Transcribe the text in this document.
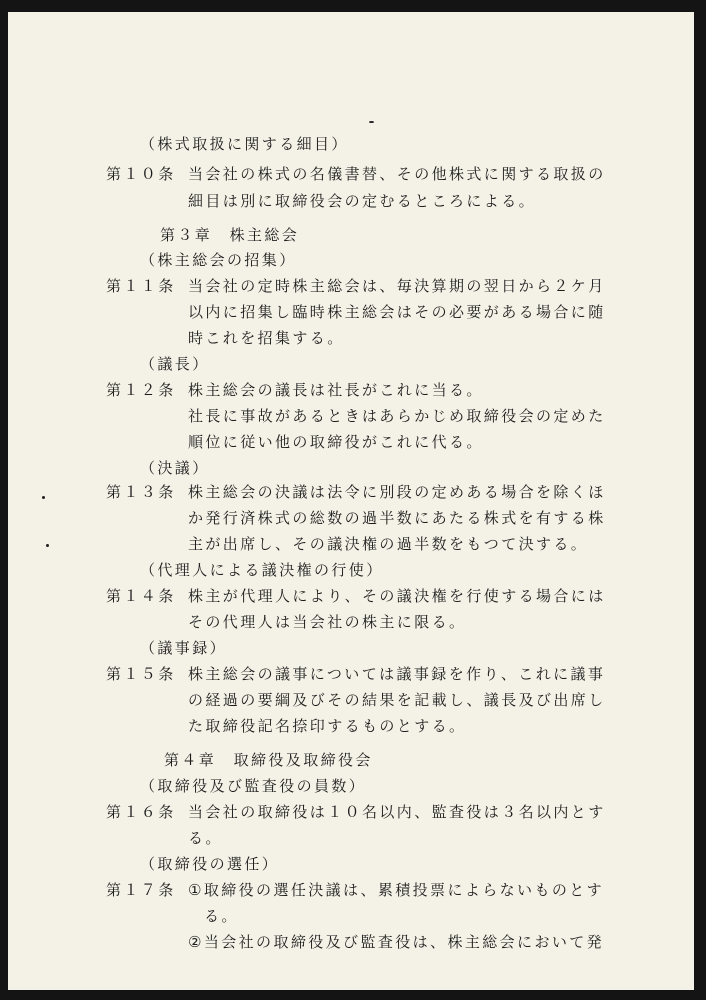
（株式取扱に関する細目）
第１０条 当会社の株式の名儀書替、その他株式に関する取扱の
細目は別に取締役会の定むるところによる。
第３章　株主総会
（株主総会の招集）
第１１条 当会社の定時株主総会は、毎決算期の翌日から２ケ月
以内に招集し臨時株主総会はその必要がある場合に随
時これを招集する。
（議長）
第１２条 株主総会の議長は社長がこれに当る。
社長に事故があるときはあらかじめ取締役会の定めた
順位に従い他の取締役がこれに代る。
（決議）
第１３条 株主総会の決議は法令に別段の定めある場合を除くほ
か発行済株式の総数の過半数にあたる株式を有する株
主が出席し、その議決権の過半数をもつて決する。
（代理人による議決権の行使）
第１４条 株主が代理人により、その議決権を行使する場合には
その代理人は当会社の株主に限る。
（議事録）
第１５条 株主総会の議事については議事録を作り、これに議事
の経過の要綱及びその結果を記載し、議長及び出席し
た取締役記名捺印するものとする。
第４章　取締役及取締役会
（取締役及び監査役の員数）
第１６条 当会社の取締役は１０名以内、監査役は３名以内とす
る。
（取締役の選任）
第１７条 ①取締役の選任決議は、累積投票によらないものとす
る。
②当会社の取締役及び監査役は、株主総会において発
